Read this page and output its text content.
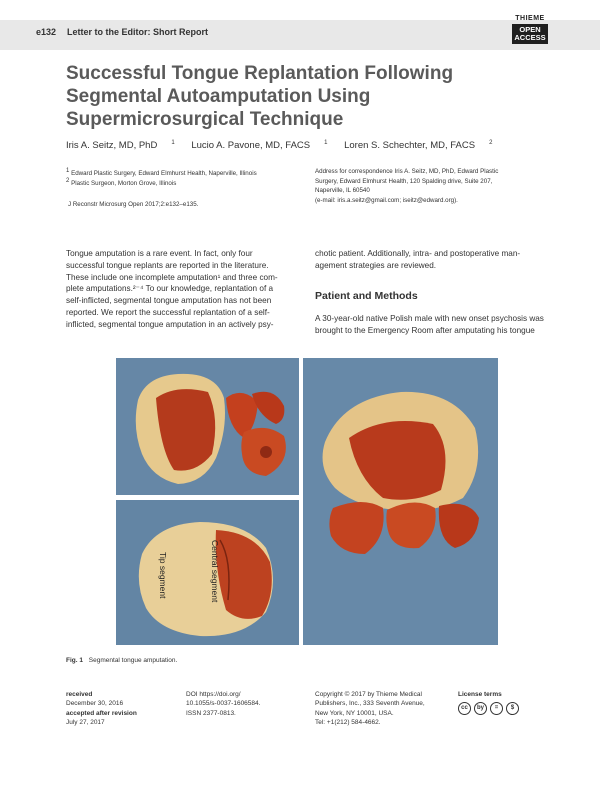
e132 Letter to the Editor: Short Report
THIEME
OPEN
ACCESS
Successful Tongue Replantation Following Segmental Autoamputation Using Supermicrosurgical Technique
Iris A. Seitz, MD, PhD $^1$ Lucio A. Pavone, MD, FACS $^1$ Loren S. Schechter, MD, FACS $^2$
$^1$ Edward Plastic Surgery, Edward Elmhurst Health, Naperville, Illinois
$^2$ Plastic Surgeon, Morton Grove, Illinois
J Reconstr Microsurg Open 2017;2:e132–e135.
Address for correspondence Iris A. Seitz, MD, PhD, Edward Plastic
Surgery, Edward Elmhurst Health, 120 Spalding drive, Suite 207,
Naperville, IL 60540
(e-mail: iris.a.seitz@gmail.com; iseitz@edward.org).
Tongue amputation is a rare event. In fact, only four
successful tongue replants are reported in the literature.
These include one incomplete amputation¹ and three com-
plete amputations.²⁻⁴ To our knowledge, replantation of a
self-inflicted, segmental tongue amputation has not been
reported. We report the successful replantation of a self-
inflicted, segmental tongue amputation in an actively psy-
chotic patient. Additionally, intra- and postoperative man-
agement strategies are reviewed.
Patient and Methods
A 30-year-old native Polish male with new onset psychosis was
brought to the Emergency Room after amputating his tongue
Tip segment	Central segment
Fig. 1 Segmental tongue amputation.
received
December 30, 2016
accepted after revision
July 27, 2017
DOI https://doi.org/
10.1055/s-0037-1606584.
ISSN 2377-0813.
Copyright © 2017 by Thieme Medical
Publishers, Inc., 333 Seventh Avenue,
New York, NY 10001, USA.
Tel: +1(212) 584-4662.
License terms
cc	by	=	$
